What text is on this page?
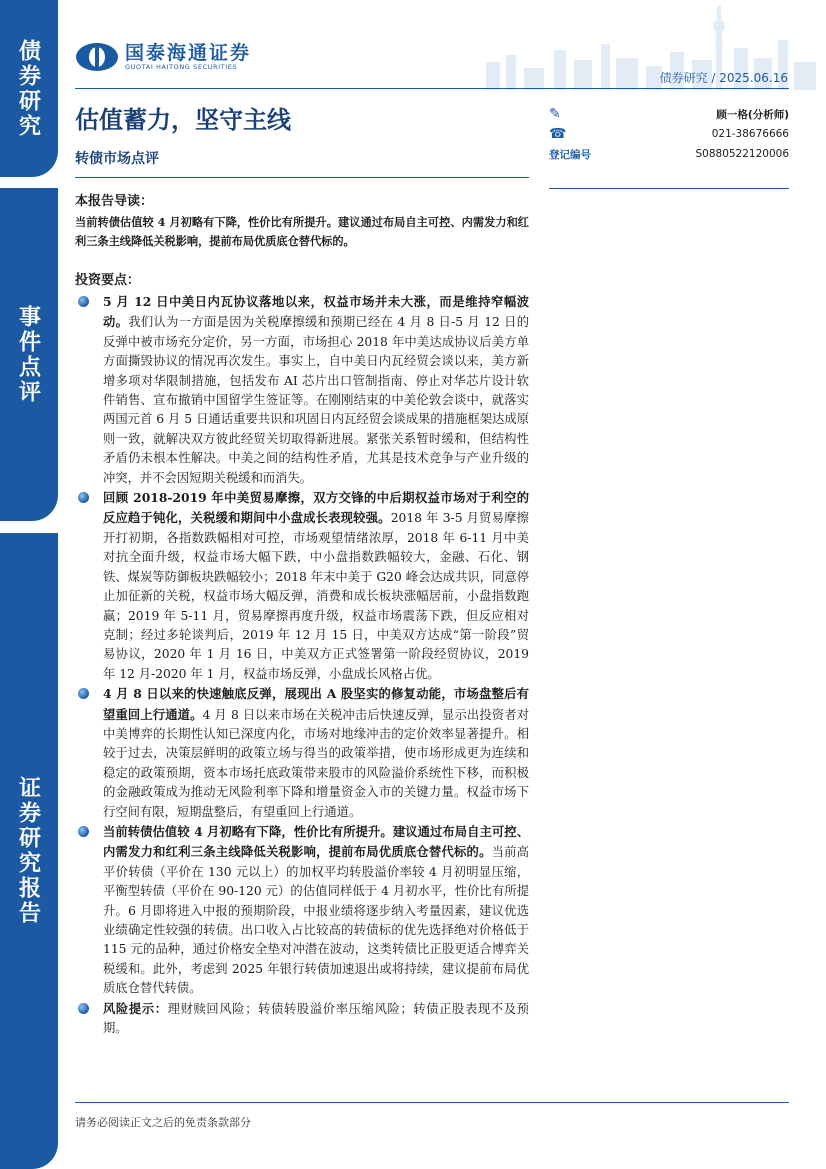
债券研究
事件点评
证券研究报告
国泰海通证券
GUOTAI HAITONG SECURITIES
债券研究 / 2025.06.16
估值蓄力，坚守主线
转债市场点评
✎	顾一格(分析师)
☎	021-38676666
登记编号	S0880522120006

本报告导读：

当前转债估值较 4 月初略有下降，性价比有所提升。建议通过布局自主可控、内需发力和红利三条主线降低关税影响，提前布局优质底仓替代标的。

投资要点：

5 月 12 日中美日内瓦协议落地以来，权益市场并未大涨，而是维持窄幅波动。我们认为一方面是因为关税摩擦缓和预期已经在 4 月 8 日-5 月 12 日的反弹中被市场充分定价，另一方面，市场担心 2018 年中美达成协议后美方单方面撕毁协议的情况再次发生。事实上，自中美日内瓦经贸会谈以来，美方新增多项对华限制措施，包括发布 AI 芯片出口管制指南、停止对华芯片设计软件销售、宣布撤销中国留学生签证等。在刚刚结束的中美伦敦会谈中，就落实两国元首 6 月 5 日通话重要共识和巩固日内瓦经贸会谈成果的措施框架达成原则一致，就解决双方彼此经贸关切取得新进展。紧张关系暂时缓和，但结构性矛盾仍未根本性解决。中美之间的结构性矛盾，尤其是技术竞争与产业升级的冲突，并不会因短期关税缓和而消失。
回顾 2018-2019 年中美贸易摩擦，双方交锋的中后期权益市场对于利空的反应趋于钝化，关税缓和期间中小盘成长表现较强。2018 年 3-5 月贸易摩擦开打初期，各指数跌幅相对可控，市场观望情绪浓厚，2018 年 6-11 月中美对抗全面升级，权益市场大幅下跌，中小盘指数跌幅较大，金融、石化、钢铁、煤炭等防御板块跌幅较小；2018 年末中美于 G20 峰会达成共识，同意停止加征新的关税，权益市场大幅反弹，消费和成长板块涨幅居前，小盘指数跑赢；2019 年 5-11 月，贸易摩擦再度升级，权益市场震荡下跌，但反应相对克制；经过多轮谈判后，2019 年 12 月 15 日，中美双方达成“第一阶段”贸易协议，2020 年 1 月 16 日，中美双方正式签署第一阶段经贸协议，2019 年 12 月-2020 年 1 月，权益市场反弹，小盘成长风格占优。
4 月 8 日以来的快速触底反弹，展现出 A 股坚实的修复动能，市场盘整后有望重回上行通道。4 月 8 日以来市场在关税冲击后快速反弹，显示出投资者对中美博弈的长期性认知已深度内化，市场对地缘冲击的定价效率显著提升。相较于过去，决策层鲜明的政策立场与得当的政策举措，使市场形成更为连续和稳定的政策预期，资本市场托底政策带来股市的风险溢价系统性下移，而积极的金融政策成为推动无风险利率下降和增量资金入市的关键力量。权益市场下行空间有限，短期盘整后，有望重回上行通道。
当前转债估值较 4 月初略有下降，性价比有所提升。建议通过布局自主可控、内需发力和红利三条主线降低关税影响，提前布局优质底仓替代标的。当前高平价转债（平价在 130 元以上）的加权平均转股溢价率较 4 月初明显压缩，平衡型转债（平价在 90-120 元）的估值同样低于 4 月初水平，性价比有所提升。6 月即将进入中报的预期阶段，中报业绩将逐步纳入考量因素，建议优选业绩确定性较强的转债。出口收入占比较高的转债标的优先选择绝对价格低于 115 元的品种，通过价格安全垫对冲潜在波动，这类转债比正股更适合博弈关税缓和。此外，考虑到 2025 年银行转债加速退出或将持续，建议提前布局优质底仓替代转债。
风险提示：理财赎回风险；转债转股溢价率压缩风险；转债正股表现不及预期。
请务必阅读正文之后的免责条款部分
